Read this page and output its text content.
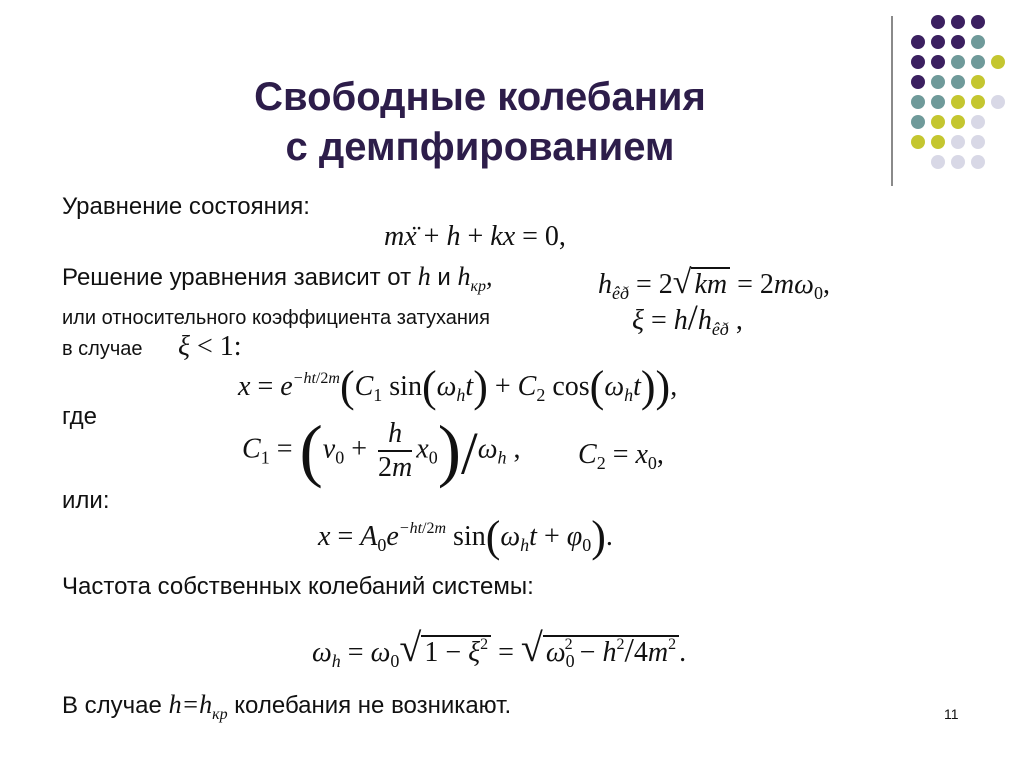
Свободные колебания
с демпфированием
Уравнение состояния:
mẍ + h + kx = 0,
Решение уравнения зависит от h и $h_{кр}$,	$h_{êð} = 2√$ km = $2m\omega_0$,
или относительного коэффициента затухания	$\xi = h/h_{êð}$ ,
в случае ξ < 1:
$x = e^{-ht/2m}(C_1$ $\sin(\omega_ht) + C_2$ $\cos(\omega_ht)$),
где
$C_1 = (v_0 + \frac{h}{2m} x_0)/\omega_h$ , $C_2 = x_0$,
или:
$x = A_0e^{-ht/2m}$ $\sin(\omega_ht + \varphi_0)$.
Частота собственных колебаний системы:
$\omega_h = \omega_0√$ $1 - \xi^2$ = √ $\omega_0^2 - h^2/4m^2$ .
В случае $h=h_{кр}$ колебания не возникают.	11
